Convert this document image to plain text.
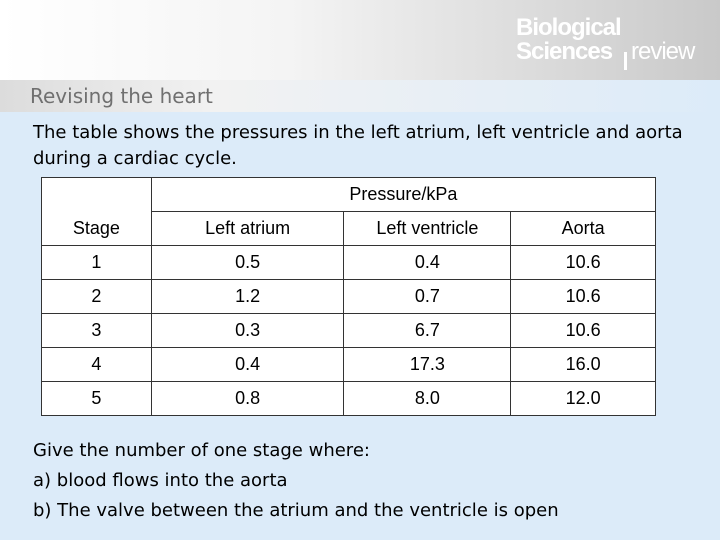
Biological
Sciences review
Revising the heart
The table shows the pressures in the left atrium, left ventricle and aorta during a cardiac cycle.
	Pressure/kPa		
Stage	Left atrium	Left ventricle	Aorta
1	0.5	0.4	10.6
2	1.2	0.7	10.6
3	0.3	6.7	10.6
4	0.4	17.3	16.0
5	0.8	8.0	12.0
Give the number of one stage where:
a) blood flows into the aorta
b) The valve between the atrium and the ventricle is open
